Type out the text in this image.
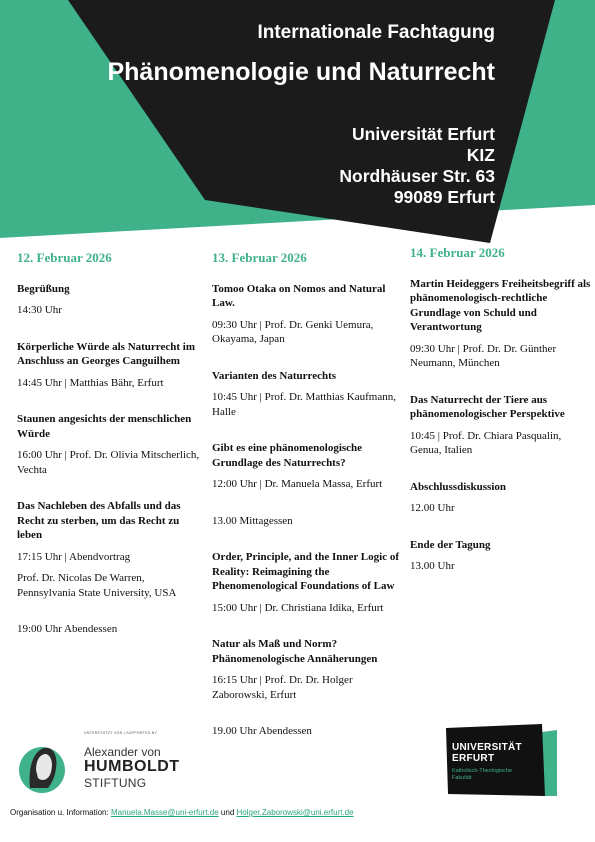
Internationale Fachtagung
Phänomenologie und Naturrecht
Universität Erfurt
KIZ
Nordhäuser Str. 63
99089 Erfurt
12. Februar 2026
Begrüßung
14:30 Uhr
Körperliche Würde als Naturrecht im Anschluss an Georges Canguilhem
14:45 Uhr | Matthias Bähr, Erfurt
Staunen angesichts der menschlichen Würde
16:00 Uhr | Prof. Dr. Olivia Mitscherlich, Vechta
Das Nachleben des Abfalls und das Recht zu sterben, um das Recht zu leben
17:15 Uhr | Abendvortrag
Prof. Dr. Nicolas De Warren, Pennsylvania State University, USA
19:00 Uhr Abendessen
13. Februar 2026
Tomoo Otaka on Nomos and Natural Law.
09:30 Uhr | Prof. Dr. Genki Uemura, Okayama, Japan
Varianten des Naturrechts
10:45 Uhr | Prof. Dr. Matthias Kaufmann, Halle
Gibt es eine phänomenologische Grundlage des Naturrechts?
12:00 Uhr | Dr. Manuela Massa, Erfurt
13.00 Mittagessen
Order, Principle, and the Inner Logic of Reality: Reimagining the Phenomenological Foundations of Law
15:00 Uhr | Dr. Christiana Idika, Erfurt
Natur als Maß und Norm? Phänomenologische Annäherungen
16:15 Uhr | Prof. Dr. Dr. Holger Zaborowski, Erfurt
19.00 Uhr Abendessen
14. Februar 2026
Martin Heideggers Freiheitsbegriff als phänomenologisch-rechtliche Grundlage von Schuld und Verantwortung
09:30 Uhr | Prof. Dr. Dr. Günther Neumann, München
Das Naturrecht der Tiere aus phänomenologischer Perspektive
10:45 | Prof. Dr. Chiara Pasqualin, Genua, Italien
Abschlussdiskussion
12.00 Uhr
Ende der Tagung
13.00 Uhr
UNTERSTÜTZT VON | SUPPORTED BY
Alexander von
HUMBOLDT
STIFTUNG
UNIVERSITÄT
ERFURT
Katholisch-Theologische Fakultät
Organisation u. Information: Manuela.Masse@uni-erfurt.de und Holger.Zaborowski@uni.erfurt.de
